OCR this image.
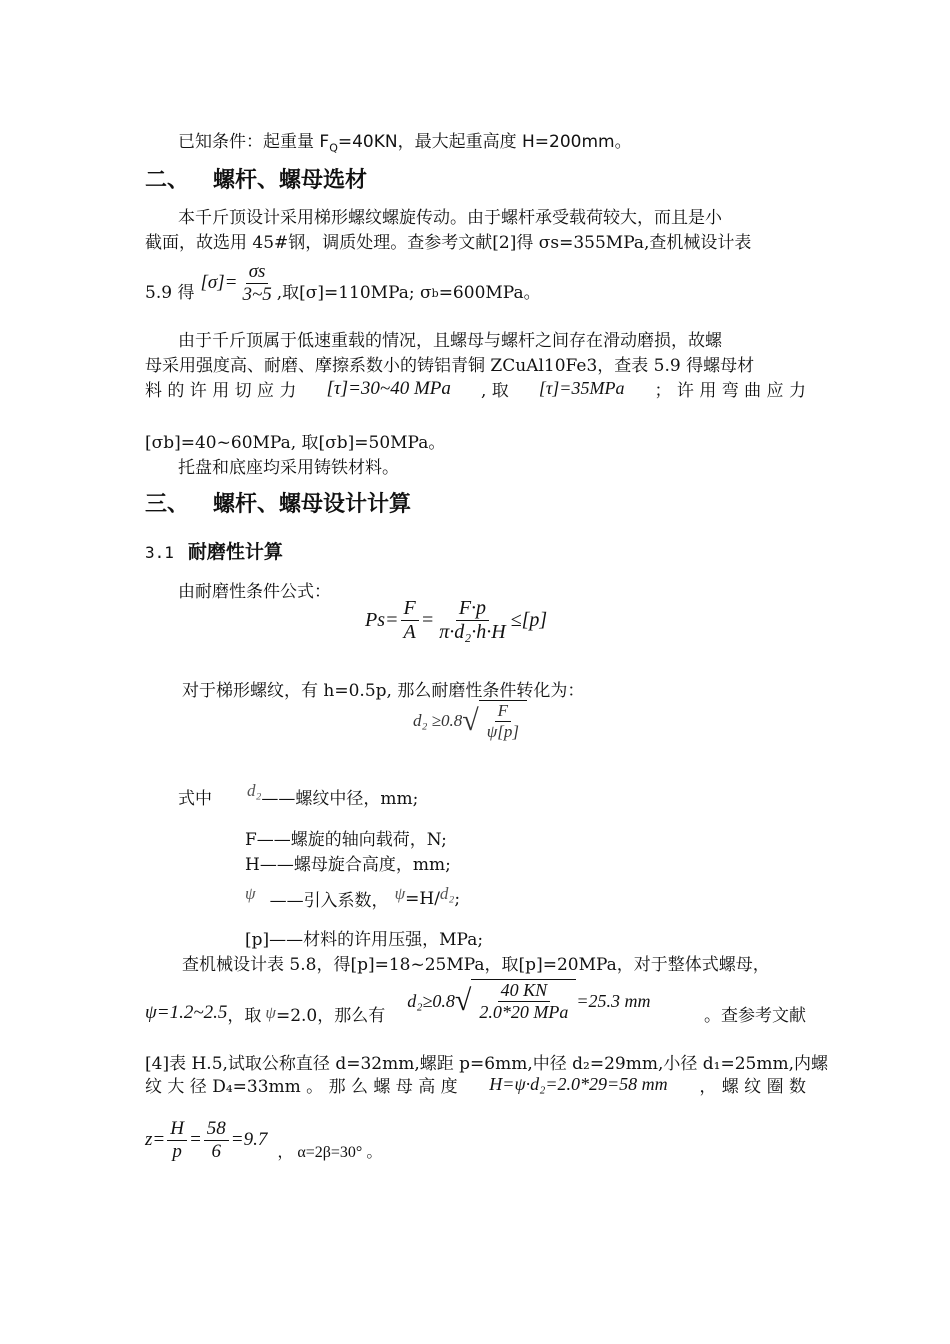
已知条件：起重量 $F_Q=40KN$，最大起重高度 H=200mm。
二、 螺杆、螺母选材
本千斤顶设计采用梯形螺纹螺旋传动。由于螺杆承受载荷较大，而且是小
截面，故选用 45#钢，调质处理。查参考文献[2]得 σs=355MPa,查机械设计表
5.9 得 $[\sigma]= \frac{\sigma s}{3\sim 5}$ ,取[σ]=110MPa; σ b =600MPa。
由于千斤顶属于低速重载的情况，且螺母与螺杆之间存在滑动磨损，故螺
母采用强度高、耐磨、摩擦系数小的铸铝青铜 ZCuAl10Fe3，查表 5.9 得螺母材
料 的 许 用 切 应 力 [τ]=30~40 MPa , 取 [τ]=35MPa ； 许 用 弯 曲 应 力
[σb]=40~60MPa, 取[σb]=50MPa。
托盘和底座均采用铸铁材料。
三、 螺杆、螺母设计计算
3.1 耐磨性计算
由耐磨性条件公式：
$Ps= \frac{F}{A} = \frac{F\cdot p}{\text{π·d₂·h·H}} \le[p]$
对于梯形螺纹，有 h=0.5p, 那么耐磨性条件转化为：
d₂ ≥0.8 √ $\frac{F}{\psi[p]}$
式中 d₂——螺纹中径，mm;
F——螺旋的轴向载荷，N;
H——螺母旋合高度，mm;
ψ ——引入系数， ψ =H/ d₂ ;
[p]——材料的许用压强，MPa;
查机械设计表 5.8，得[p]=18~25MPa，取[p]=20MPa，对于整体式螺母，
ψ=1.2~2.5 ，取 ψ =2.0，那么有
d₂≥0.8 √ $\frac{40 KN}{\text{2.0*20 MPa}} =25.3$ mm
。查参考文献
[4]表 H.5,试取公称直径 d=32mm,螺距 p=6mm,中径 d₂=29mm,小径 d₁=25mm,内螺
纹 大 径 D₄=33mm 。 那 么 螺 母 高 度 H=ψ·d₂=2.0*29=58 mm ， 螺 纹 圈 数
$z= \frac{H}{p} = \frac{58}{6} =9.7$
， α=2β=30° 。
